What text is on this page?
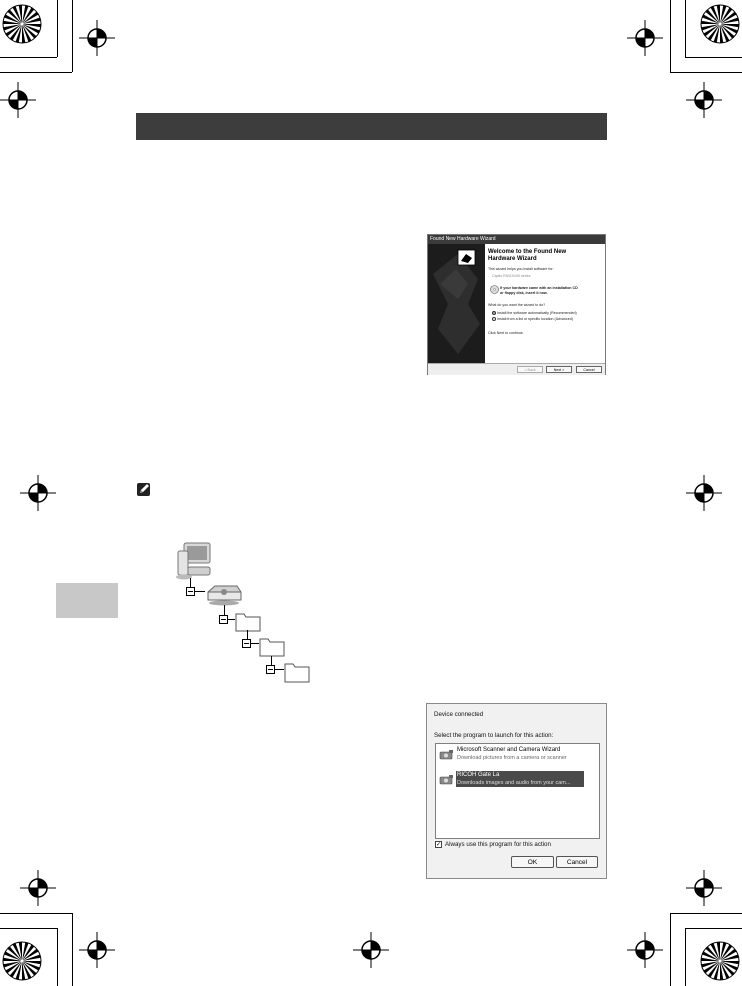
Found New Hardware Wizard
Welcome to the Found New
Hardware Wizard
This wizard helps you install software for:
Caplio R5/GX100 series
If your hardware came with an installation CD
or floppy disk, insert it now.
What do you want the wizard to do?
Install the software automatically (Recommended)
Install from a list or specific location (Advanced)
Click Next to continue.
< Back	Next >	Cancel
Device connected
Select the program to launch for this action:
Microsoft Scanner and Camera Wizard
Download pictures from a camera or scanner
RICOH Gate La
Downloads images and audio from your cam...
✓ Always use this program for this action
OK	Cancel
